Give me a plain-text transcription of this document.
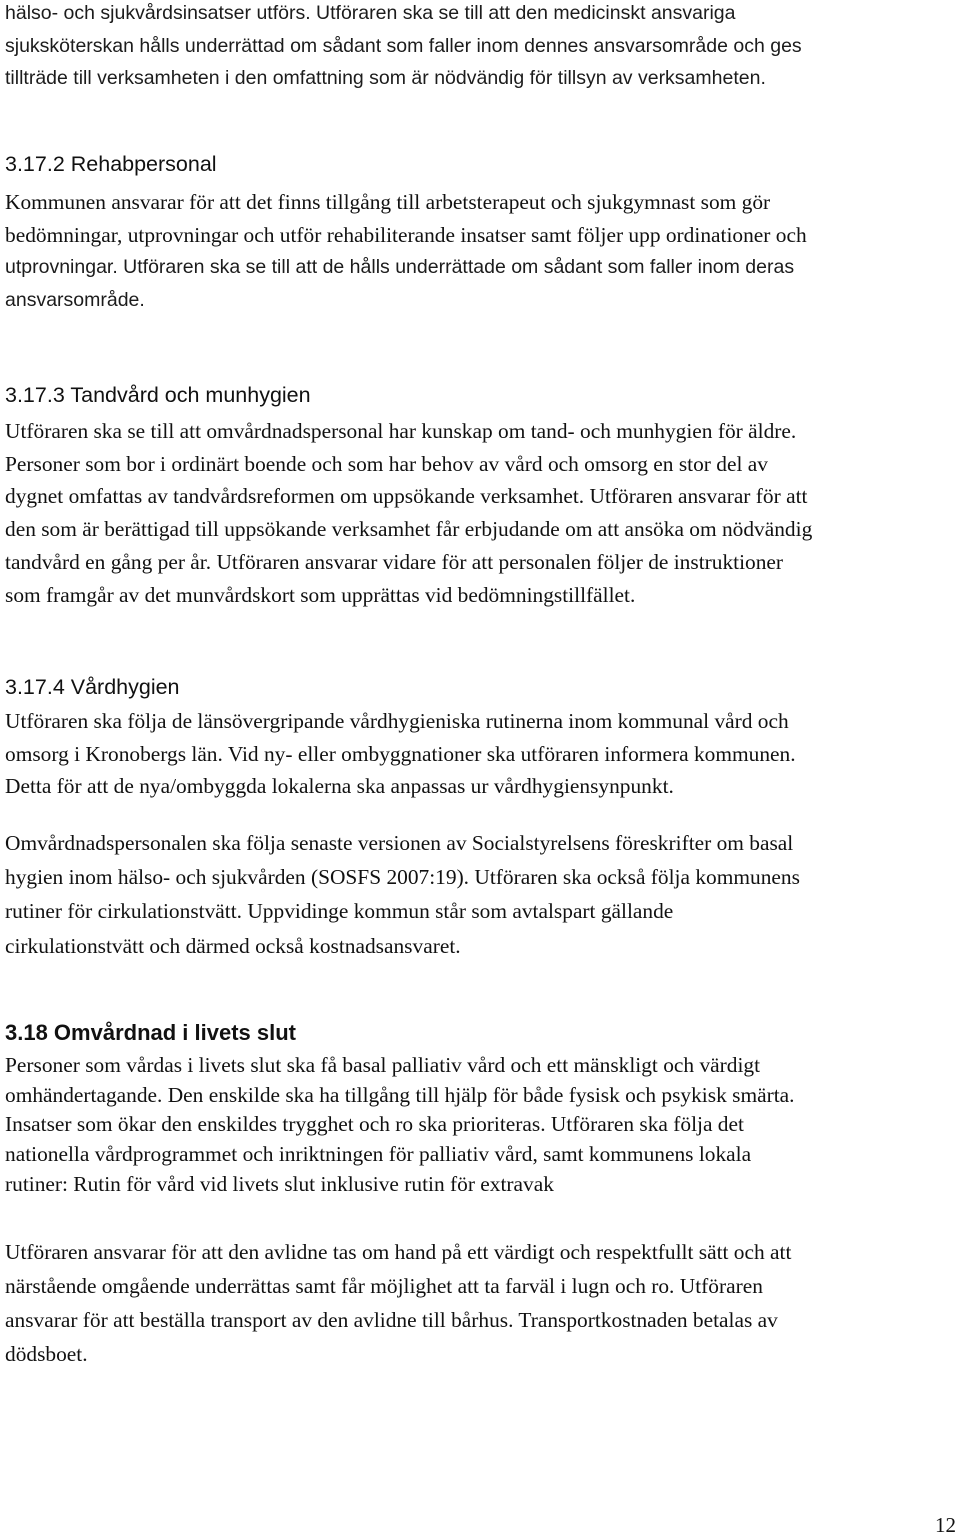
hälso- och sjukvårdsinsatser utförs. Utföraren ska se till att den medicinskt ansvariga
sjuksköterskan hålls underrättad om sådant som faller inom dennes ansvarsområde och ges
tillträde till verksamheten i den omfattning som är nödvändig för tillsyn av verksamheten.
3.17.2 Rehabpersonal
Kommunen ansvarar för att det finns tillgång till arbetsterapeut och sjukgymnast som gör
bedömningar, utprovningar och utför rehabiliterande insatser samt följer upp ordinationer och
utprovningar. Utföraren ska se till att de hålls underrättade om sådant som faller inom deras
ansvarsområde.
3.17.3 Tandvård och munhygien
Utföraren ska se till att omvårdnadspersonal har kunskap om tand- och munhygien för äldre.
Personer som bor i ordinärt boende och som har behov av vård och omsorg en stor del av
dygnet omfattas av tandvårdsreformen om uppsökande verksamhet. Utföraren ansvarar för att
den som är berättigad till uppsökande verksamhet får erbjudande om att ansöka om nödvändig
tandvård en gång per år. Utföraren ansvarar vidare för att personalen följer de instruktioner
som framgår av det munvårdskort som upprättas vid bedömningstillfället.
3.17.4 Vårdhygien
Utföraren ska följa de länsövergripande vårdhygieniska rutinerna inom kommunal vård och
omsorg i Kronobergs län. Vid ny- eller ombyggnationer ska utföraren informera kommunen.
Detta för att de nya/ombyggda lokalerna ska anpassas ur vårdhygiensynpunkt.
Omvårdnadspersonalen ska följa senaste versionen av Socialstyrelsens föreskrifter om basal
hygien inom hälso- och sjukvården (SOSFS 2007:19). Utföraren ska också följa kommunens
rutiner för cirkulationstvätt. Uppvidinge kommun står som avtalspart gällande
cirkulationstvätt och därmed också kostnadsansvaret.
3.18 Omvårdnad i livets slut
Personer som vårdas i livets slut ska få basal palliativ vård och ett mänskligt och värdigt
omhändertagande. Den enskilde ska ha tillgång till hjälp för både fysisk och psykisk smärta.
Insatser som ökar den enskildes trygghet och ro ska prioriteras. Utföraren ska följa det
nationella vårdprogrammet och inriktningen för palliativ vård, samt kommunens lokala
rutiner: Rutin för vård vid livets slut inklusive rutin för extravak
Utföraren ansvarar för att den avlidne tas om hand på ett värdigt och respektfullt sätt och att
närstående omgående underrättas samt får möjlighet att ta farväl i lugn och ro. Utföraren
ansvarar för att beställa transport av den avlidne till bårhus. Transportkostnaden betalas av
dödsboet.
12
